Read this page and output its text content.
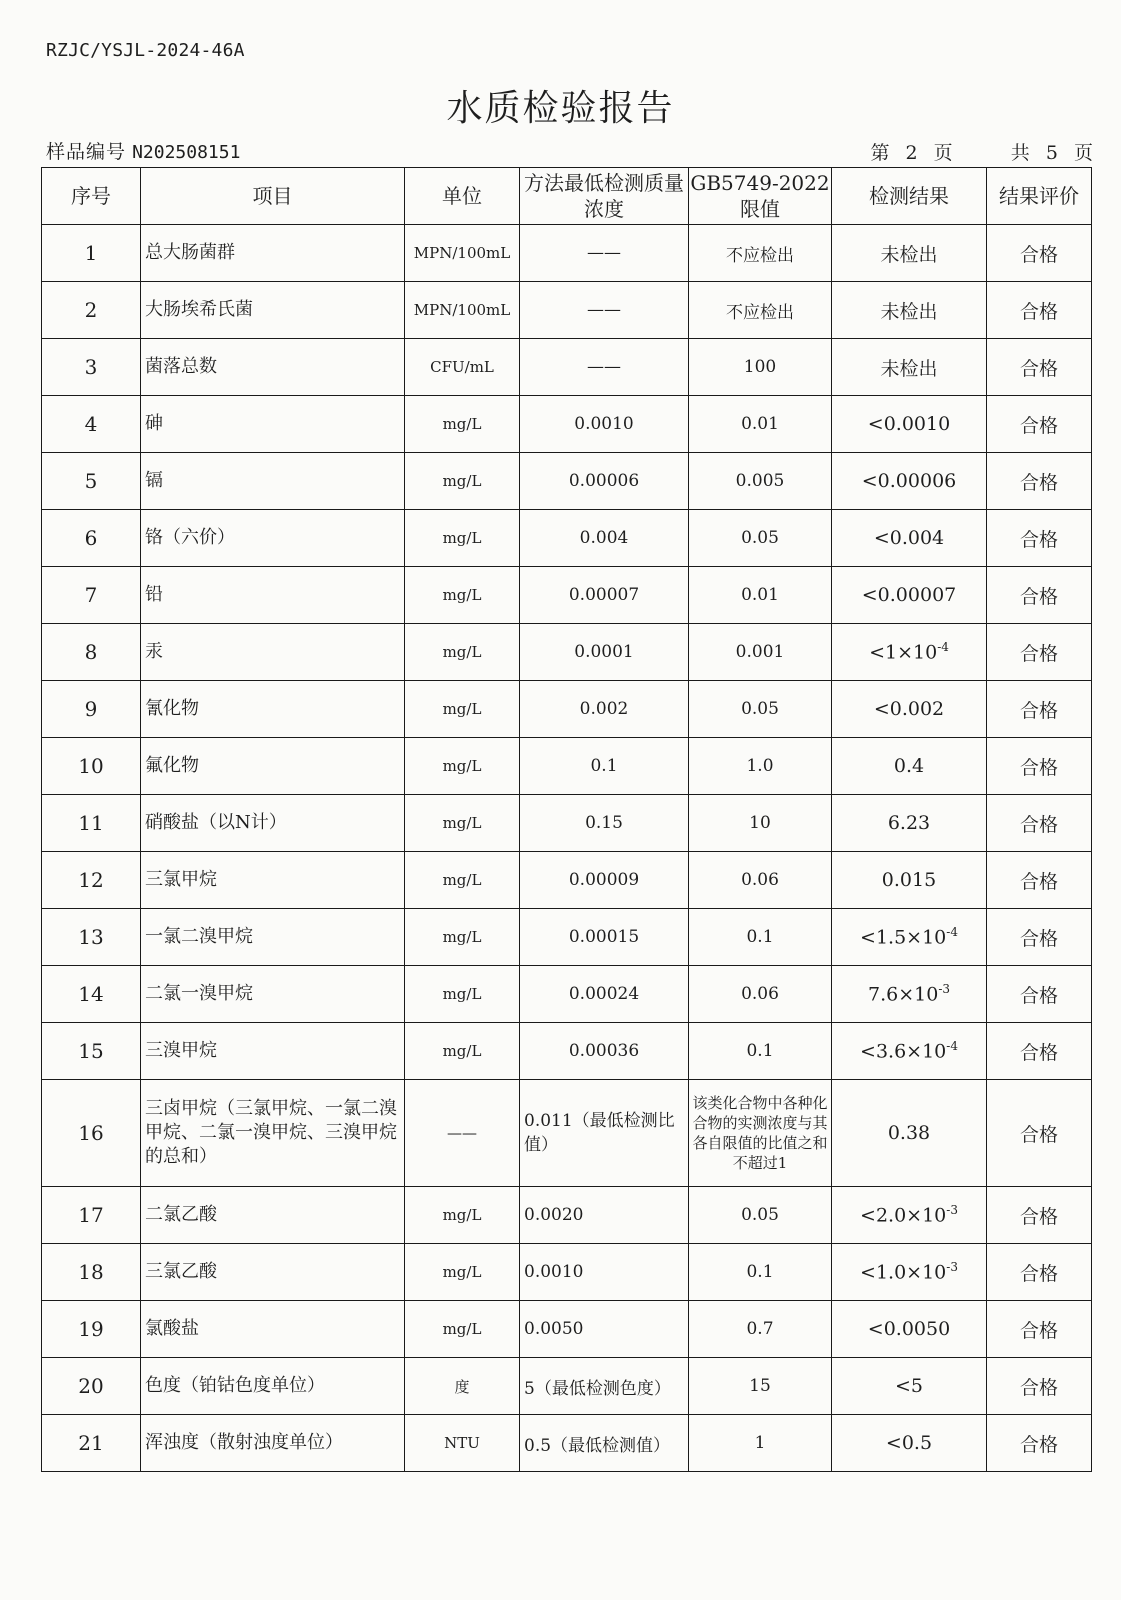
RZJC/YSJL-2024-46A
水质检验报告
样品编号 N202508151	第 2 页	共 5 页
序号	项目	单位	方法最低检测质量浓度	GB5749-2022限值	检测结果	结果评价
1	总大肠菌群	MPN/100mL	——	不应检出	未检出	合格
2	大肠埃希氏菌	MPN/100mL	——	不应检出	未检出	合格
3	菌落总数	CFU/mL	——	100	未检出	合格
4	砷	mg/L	0.0010	0.01	<0.0010	合格
5	镉	mg/L	0.00006	0.005	<0.00006	合格
6	铬（六价）	mg/L	0.004	0.05	<0.004	合格
7	铅	mg/L	0.00007	0.01	<0.00007	合格
8	汞	mg/L	0.0001	0.001	$<1\times 10^{-4}$	合格
9	氰化物	mg/L	0.002	0.05	<0.002	合格
10	氟化物	mg/L	0.1	1.0	0.4	合格
11	硝酸盐（以N计）	mg/L	0.15	10	6.23	合格
12	三氯甲烷	mg/L	0.00009	0.06	0.015	合格
13	一氯二溴甲烷	mg/L	0.00015	0.1	$<1.5\times 10^{-4}$	合格
14	二氯一溴甲烷	mg/L	0.00024	0.06	$7.6\times 10^{-3}$	合格
15	三溴甲烷	mg/L	0.00036	0.1	$<3.6\times 10^{-4}$	合格
16	三卤甲烷（三氯甲烷、一氯二溴甲烷、二氯一溴甲烷、三溴甲烷的总和）	——	0.011（最低检测比值）	该类化合物中各种化合物的实测浓度与其各自限值的比值之和不超过1	0.38	合格
17	二氯乙酸	mg/L	0.0020	0.05	$<2.0\times 10^{-3}$	合格
18	三氯乙酸	mg/L	0.0010	0.1	$<1.0\times 10^{-3}$	合格
19	氯酸盐	mg/L	0.0050	0.7	<0.0050	合格
20	色度（铂钴色度单位）	度	5（最低检测色度）	15	<5	合格
21	浑浊度（散射浊度单位）	NTU	0.5（最低检测值）	1	<0.5	合格
